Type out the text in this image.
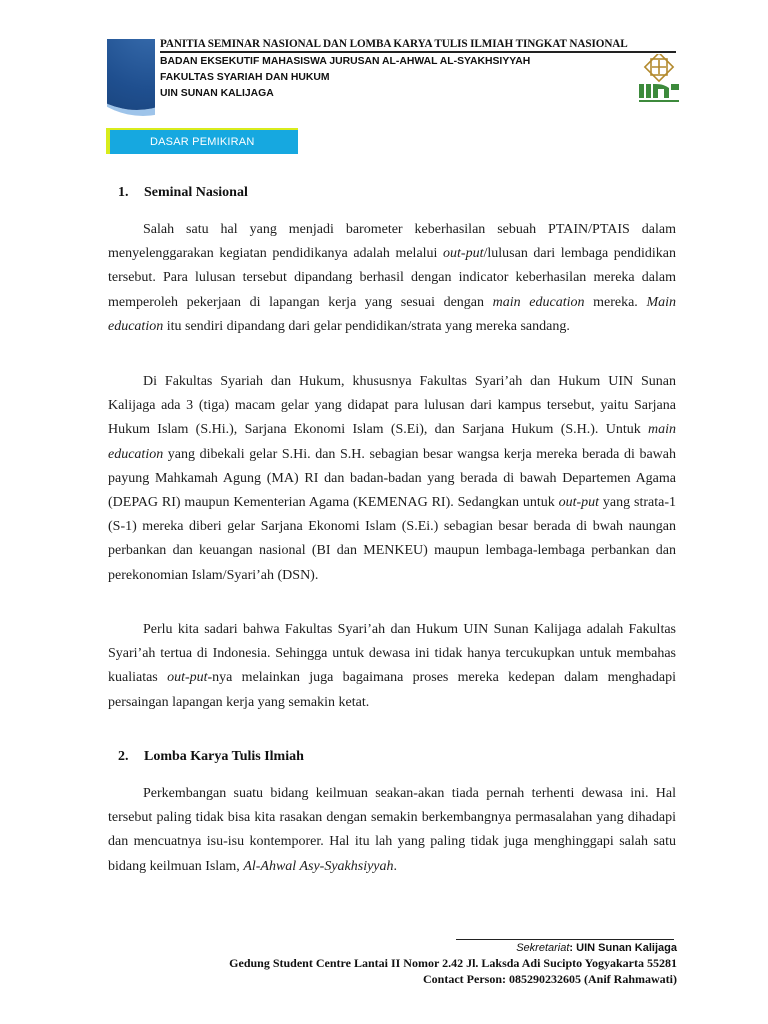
PANITIA SEMINAR NASIONAL DAN LOMBA KARYA TULIS ILMIAH TINGKAT NASIONAL
BADAN EKSEKUTIF MAHASISWA JURUSAN AL-AHWAL AL-SYAKHSIYYAH
FAKULTAS SYARIAH DAN HUKUM
UIN SUNAN KALIJAGA
DASAR PEMIKIRAN
1. Seminal Nasional

Salah satu hal yang menjadi barometer keberhasilan sebuah PTAIN/PTAIS dalam menyelenggarakan kegiatan pendidikanya adalah melalui out-put/lulusan dari lembaga pendidikan tersebut. Para lulusan tersebut dipandang berhasil dengan indicator keberhasilan mereka dalam memperoleh pekerjaan di lapangan kerja yang sesuai dengan main education mereka. Main education itu sendiri dipandang dari gelar pendidikan/strata yang mereka sandang.

Di Fakultas Syariah dan Hukum, khususnya Fakultas Syari’ah dan Hukum UIN Sunan Kalijaga ada 3 (tiga) macam gelar yang didapat para lulusan dari kampus tersebut, yaitu Sarjana Hukum Islam (S.Hi.), Sarjana Ekonomi Islam (S.Ei), dan Sarjana Hukum (S.H.). Untuk main education yang dibekali gelar S.Hi. dan S.H. sebagian besar wangsa kerja mereka berada di bawah payung Mahkamah Agung (MA) RI dan badan-badan yang berada di bawah Departemen Agama (DEPAG RI) maupun Kementerian Agama (KEMENAG RI). Sedangkan untuk out-put yang strata-1 (S-1) mereka diberi gelar Sarjana Ekonomi Islam (S.Ei.) sebagian besar berada di bwah naungan perbankan dan keuangan nasional (BI dan MENKEU) maupun lembaga-lembaga perbankan dan perekonomian Islam/Syari’ah (DSN).

Perlu kita sadari bahwa Fakultas Syari’ah dan Hukum UIN Sunan Kalijaga adalah Fakultas Syari’ah tertua di Indonesia. Sehingga untuk dewasa ini tidak hanya tercukupkan untuk membahas kualiatas out-put-nya melainkan juga bagaimana proses mereka kedepan dalam menghadapi persaingan lapangan kerja yang semakin ketat.

2. Lomba Karya Tulis Ilmiah

Perkembangan suatu bidang keilmuan seakan-akan tiada pernah terhenti dewasa ini. Hal tersebut paling tidak bisa kita rasakan dengan semakin berkembangnya permasalahan yang dihadapi dan mencuatnya isu-isu kontemporer. Hal itu lah yang paling tidak juga menghinggapi salah satu bidang keilmuan Islam, Al-Ahwal Asy-Syakhsiyyah.

Sekretariat: UIN Sunan Kalijaga
Gedung Student Centre Lantai II Nomor 2.42 Jl. Laksda Adi Sucipto Yogyakarta 55281
Contact Person: 085290232605 (Anif Rahmawati)
